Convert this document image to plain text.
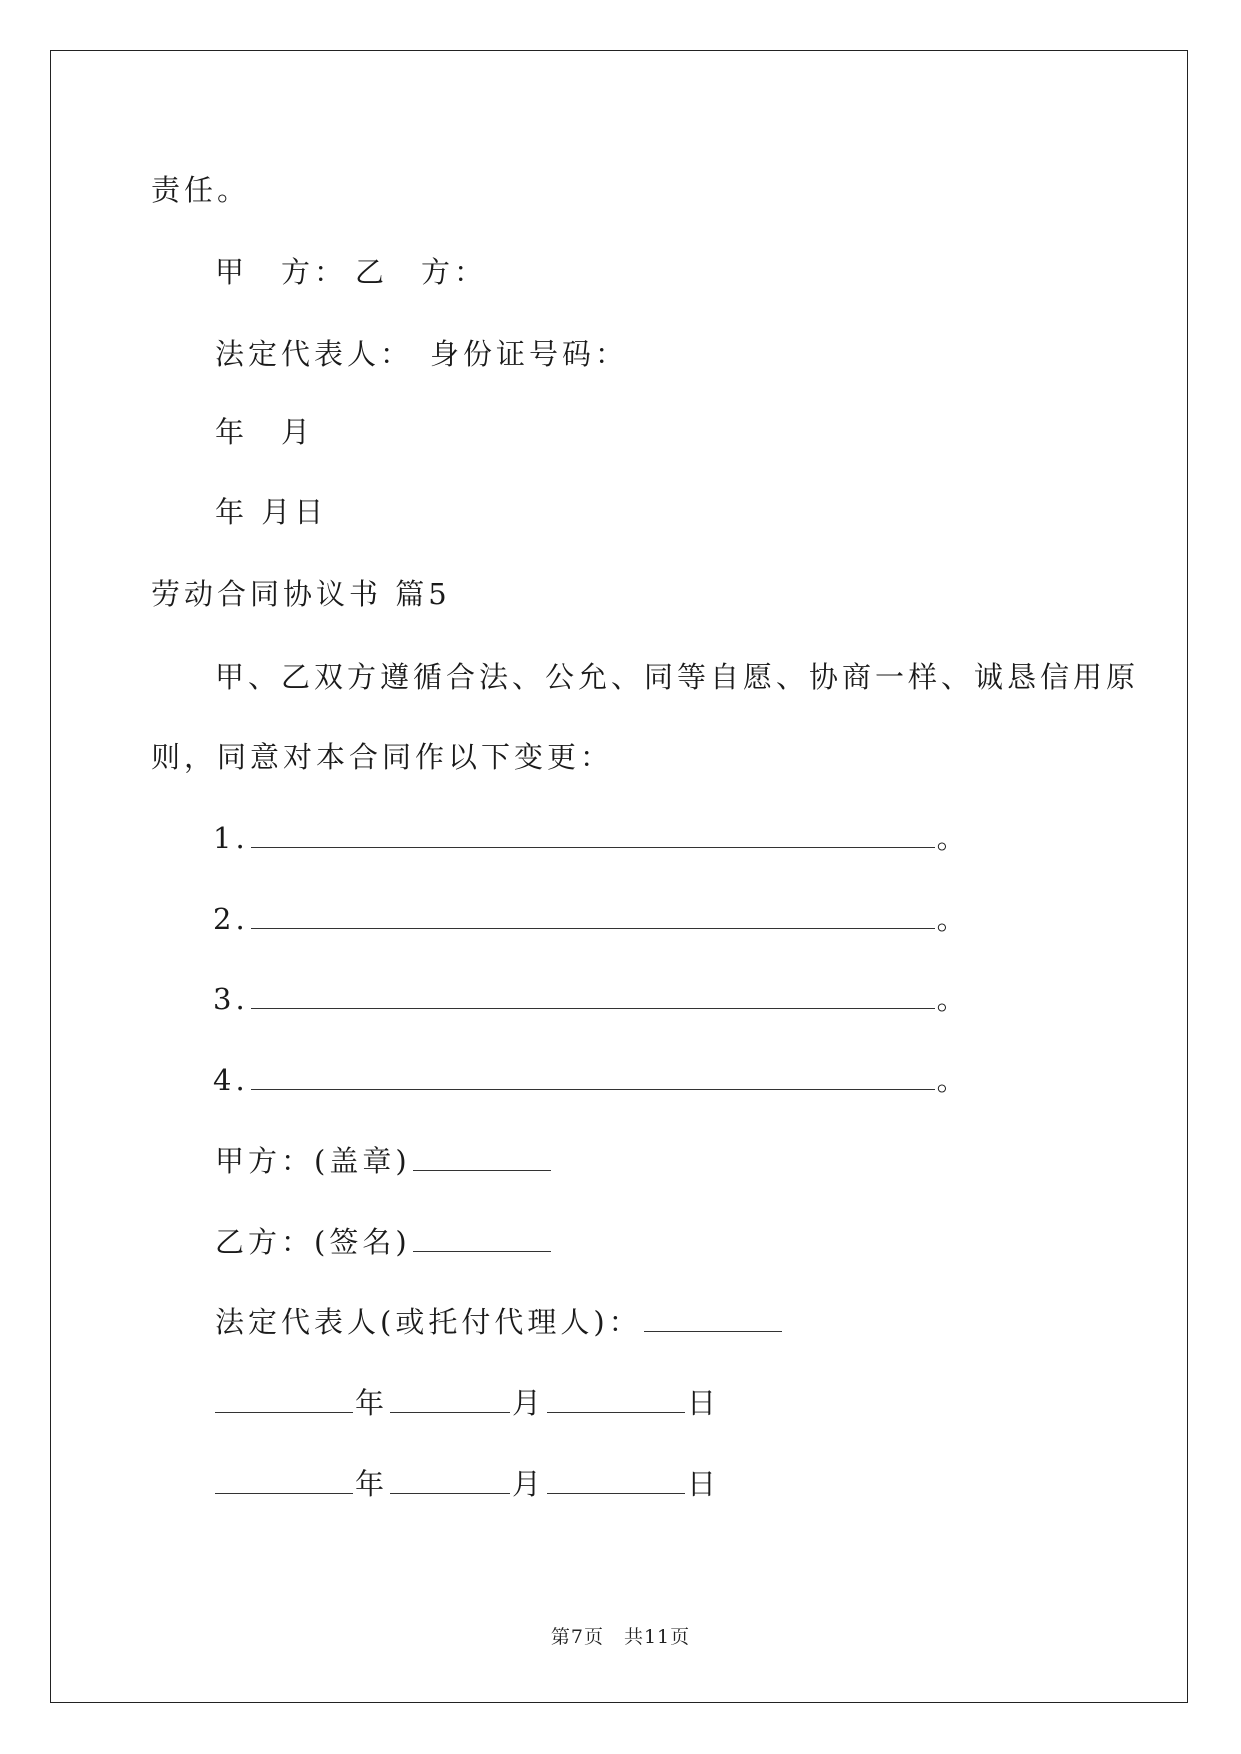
责任。
甲　方： 乙　方：
法定代表人： 身份证号码：
年　月
年 月日
劳动合同协议书 篇5
甲、乙双方遵循合法、公允、同等自愿、协商一样、诚恳信用原
则，同意对本合同作以下变更：
1.	。
2.	。
3.	。
4.	。
甲方：(盖章)
乙方：(签名)
法定代表人(或托付代理人)：
年	月	日
年	月	日
第7页　共11页
